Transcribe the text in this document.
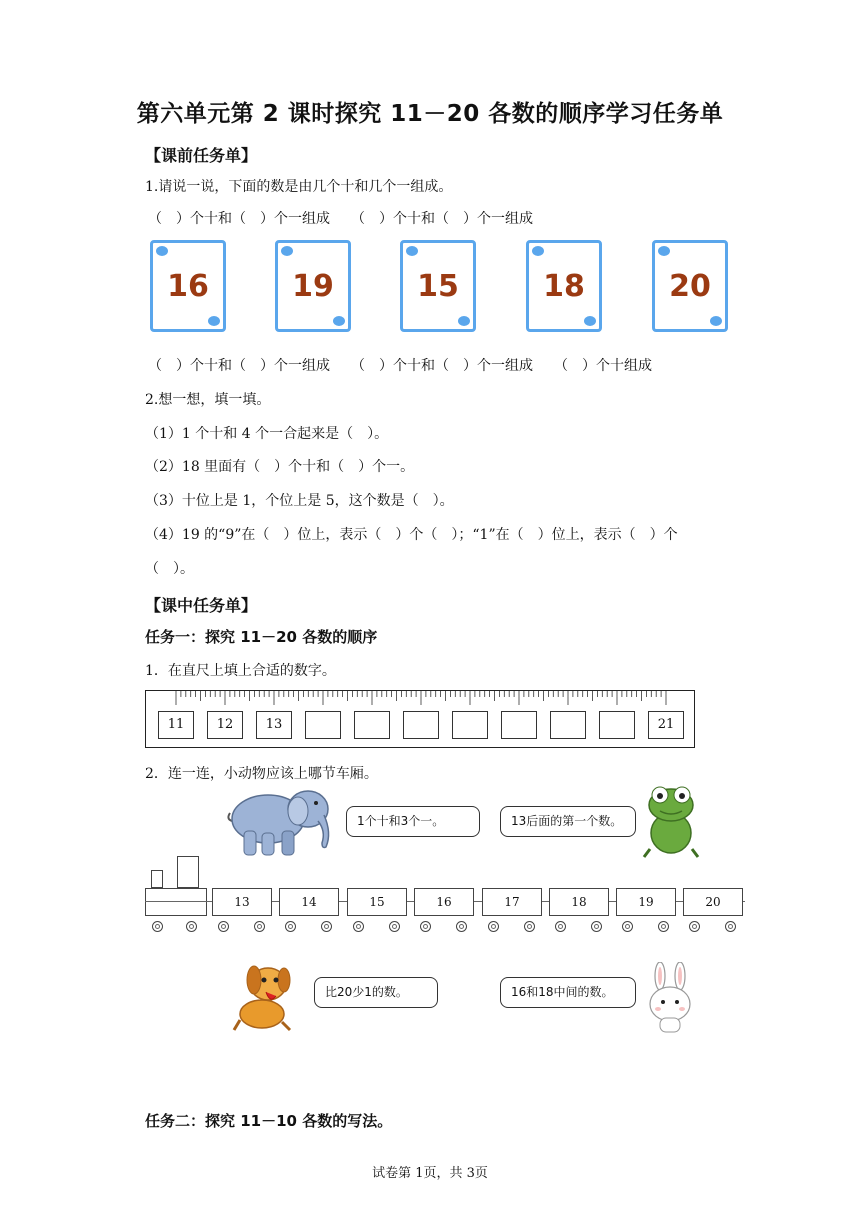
第六单元第 2 课时探究 11－20 各数的顺序学习任务单
【课前任务单】
1.请说一说，下面的数是由几个十和几个一组成。
（　）个十和（　）个一组成　　（　）个十和（　）个一组成
16	19	15	18	20
（　）个十和（　）个一组成　　（　）个十和（　）个一组成　　（　）个十组成
2.想一想，填一填。
（1）1 个十和 4 个一合起来是（　）。
（2）18 里面有（　）个十和（　）个一。
（3）十位上是 1，个位上是 5，这个数是（　）。
（4）19 的“9”在（　）位上，表示（　）个（　）；“1”在（　）位上，表示（　）个
（　）。
【课中任务单】
任务一：探究 11－20 各数的顺序
1．在直尺上填上合适的数字。
11	12	13	21
2．连一连，小动物应该上哪节车厢。
1个十和3个一。	13后面的第一个数。
13	14	15	16	17	18	19	20
比20少1的数。	16和18中间的数。
任务二：探究 11－10 各数的写法。
试卷第 1页，共 3页
